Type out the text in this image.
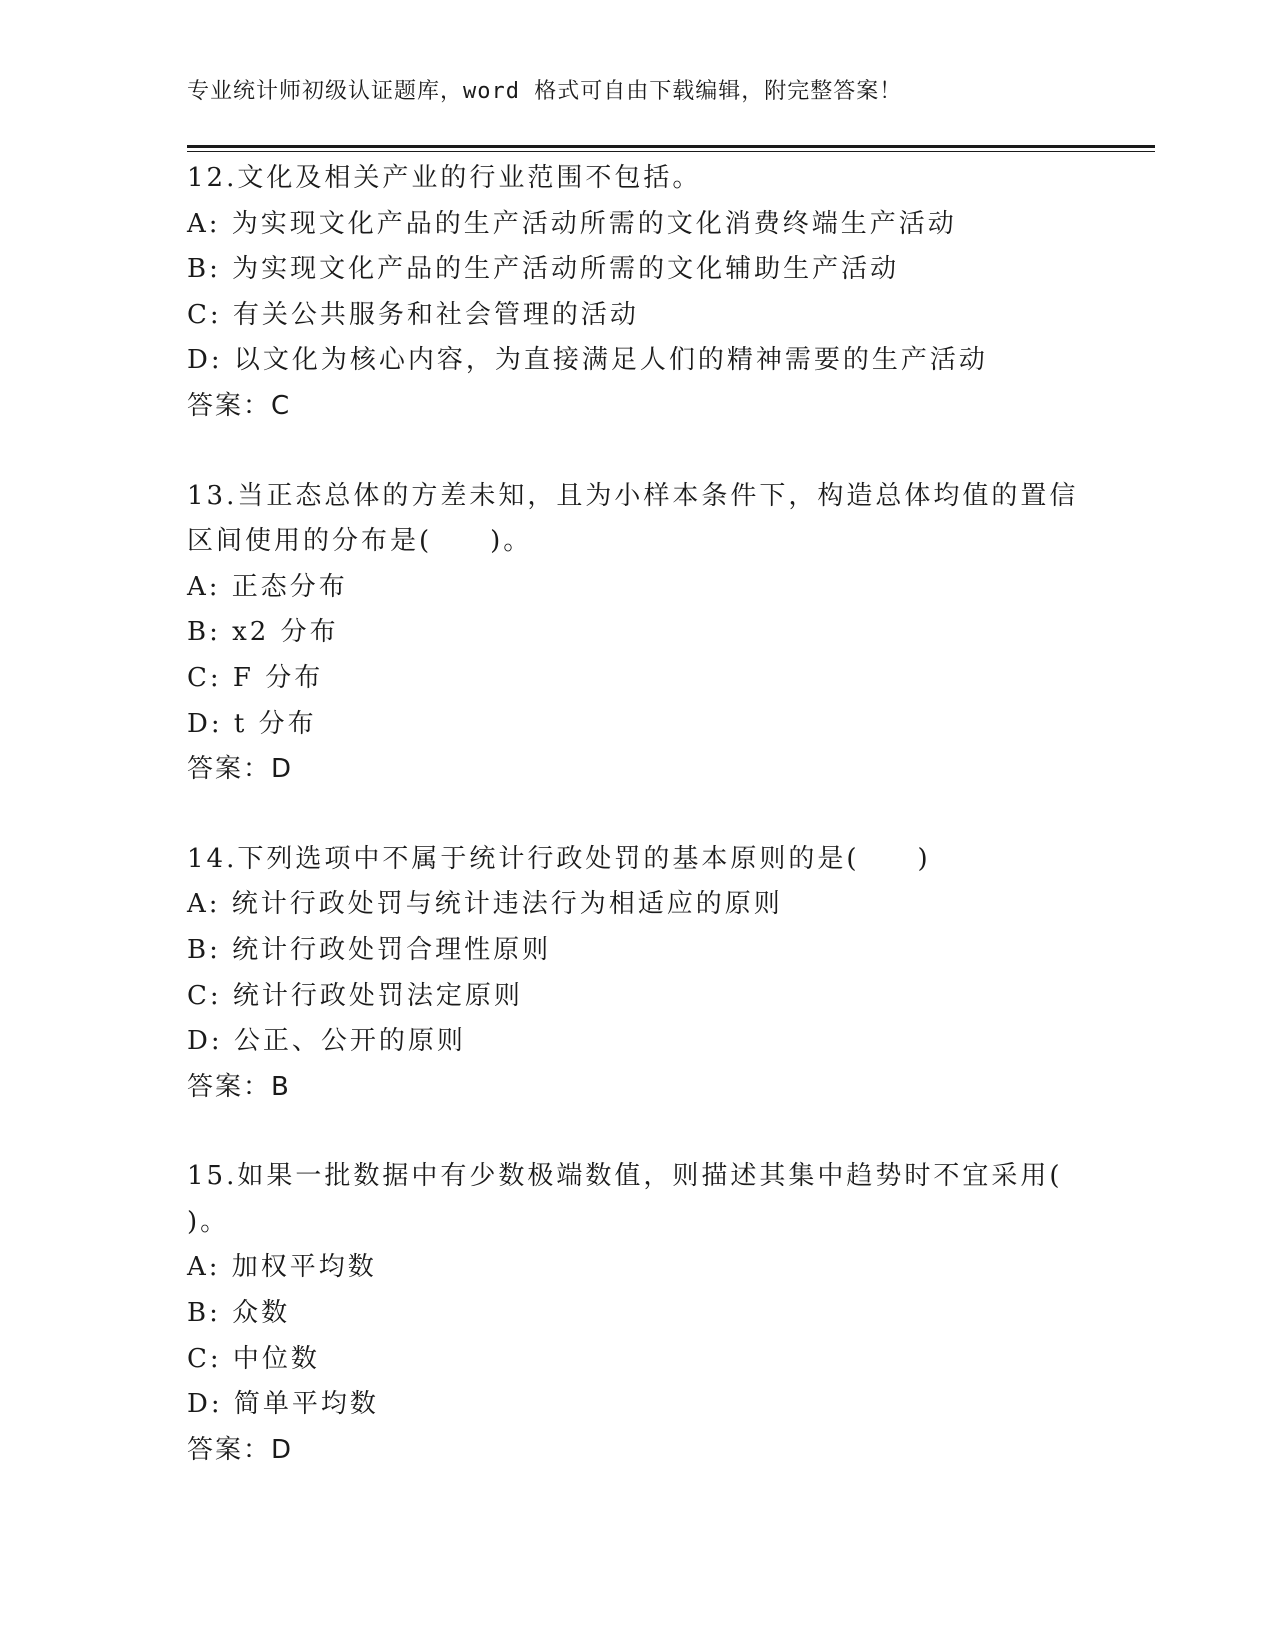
专业统计师初级认证题库，word 格式可自由下载编辑，附完整答案！
12.文化及相关产业的行业范围不包括。
A: 为实现文化产品的生产活动所需的文化消费终端生产活动
B: 为实现文化产品的生产活动所需的文化辅助生产活动
C: 有关公共服务和社会管理的活动
D: 以文化为核心内容，为直接满足人们的精神需要的生产活动
答案：C
13.当正态总体的方差未知，且为小样本条件下，构造总体均值的置信
区间使用的分布是(　　)。
A: 正态分布
B: x2 分布
C: F 分布
D: t 分布
答案：D
14.下列选项中不属于统计行政处罚的基本原则的是(　　)
A: 统计行政处罚与统计违法行为相适应的原则
B: 统计行政处罚合理性原则
C: 统计行政处罚法定原则
D: 公正、公开的原则
答案：B
15.如果一批数据中有少数极端数值，则描述其集中趋势时不宜采用(
)。
A: 加权平均数
B: 众数
C: 中位数
D: 简单平均数
答案：D
